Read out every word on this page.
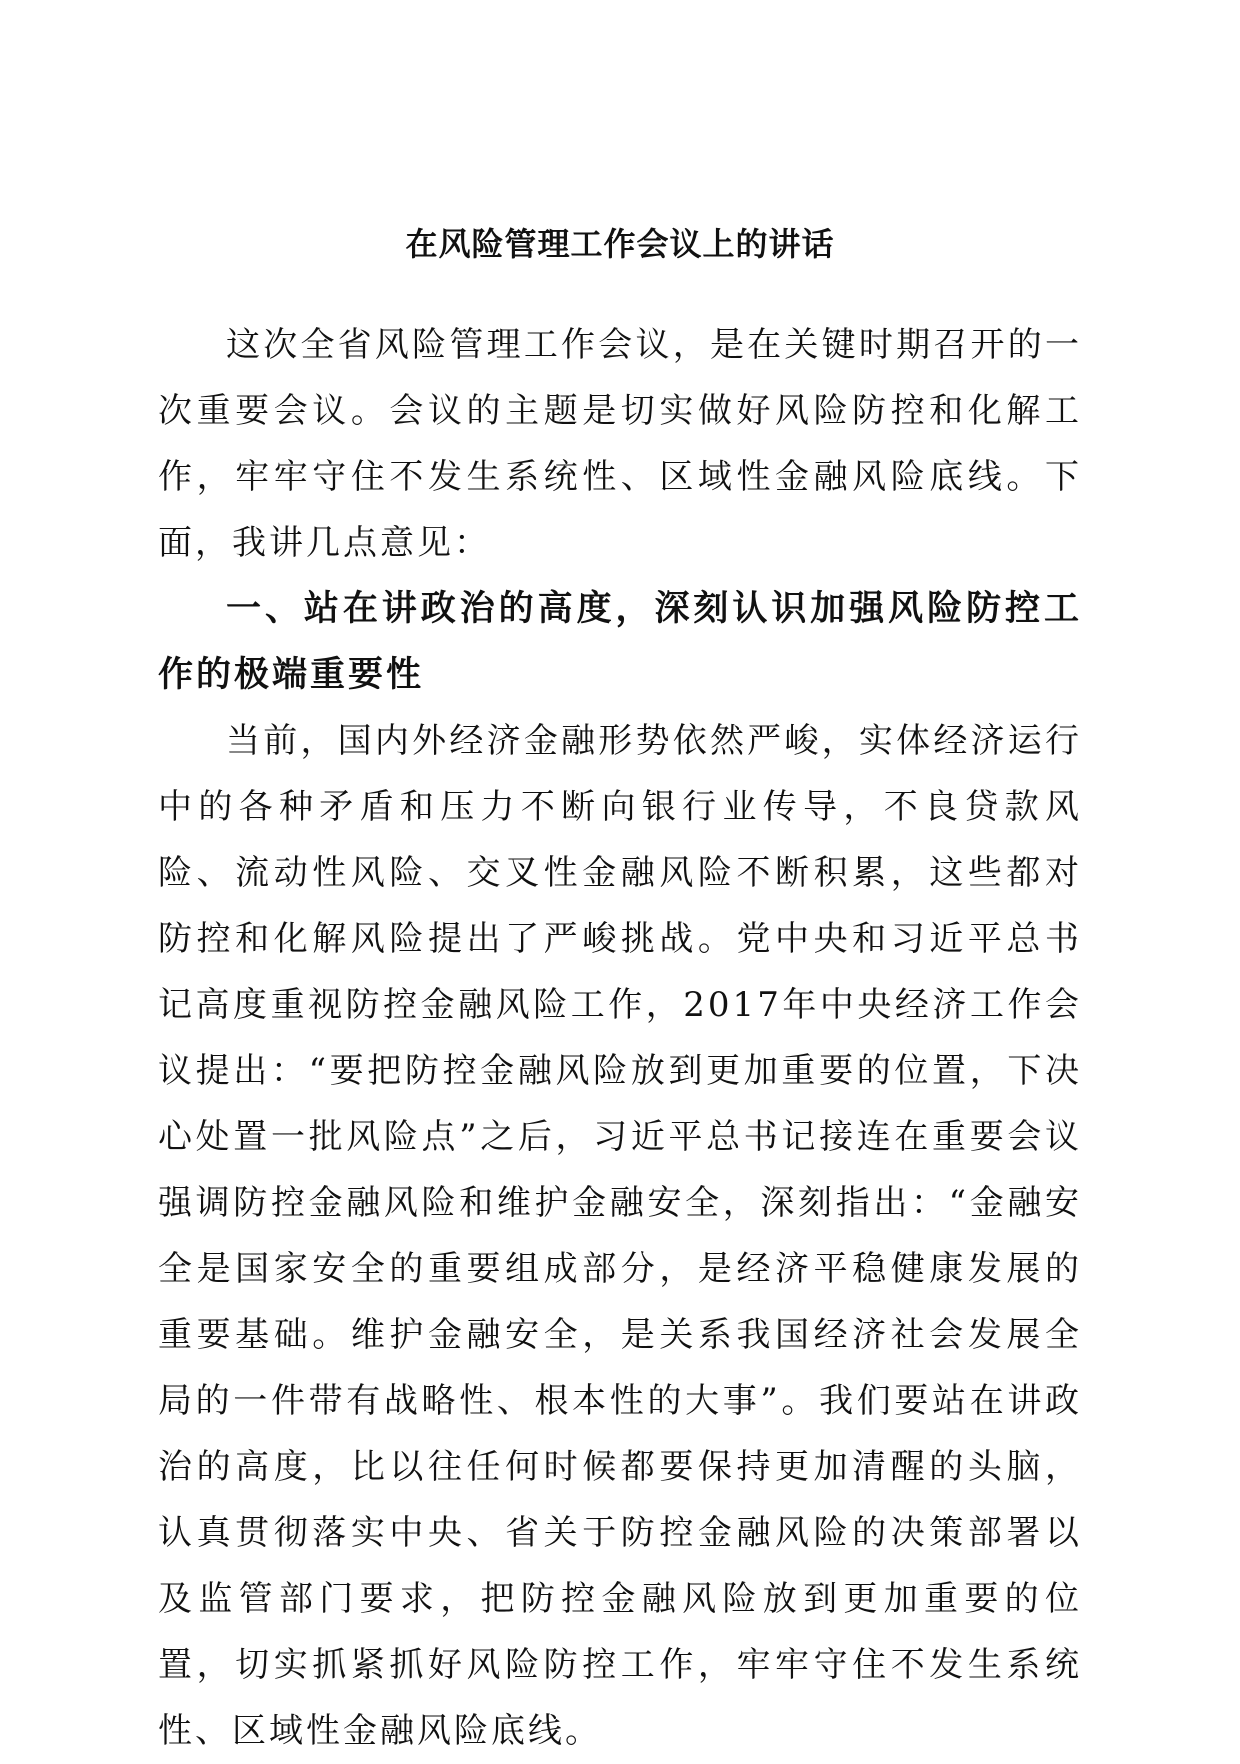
在风险管理工作会议上的讲话

这次全省风险管理工作会议，是在关键时期召开的一次重要会议。会议的主题是切实做好风险防控和化解工作，牢牢守住不发生系统性、区域性金融风险底线。下面，我讲几点意见：

一、站在讲政治的高度，深刻认识加强风险防控工作的极端重要性

当前，国内外经济金融形势依然严峻，实体经济运行中的各种矛盾和压力不断向银行业传导，不良贷款风险、流动性风险、交叉性金融风险不断积累，这些都对防控和化解风险提出了严峻挑战。党中央和习近平总书记高度重视防控金融风险工作，2017年中央经济工作会议提出：“要把防控金融风险放到更加重要的位置，下决心处置一批风险点”之后，习近平总书记接连在重要会议强调防控金融风险和维护金融安全，深刻指出：“金融安全是国家安全的重要组成部分，是经济平稳健康发展的重要基础。维护金融安全，是关系我国经济社会发展全局的一件带有战略性、根本性的大事”。我们要站在讲政治的高度，比以往任何时候都要保持更加清醒的头脑，认真贯彻落实中央、省关于防控金融风险的决策部署以及监管部门要求，把防控金融风险放到更加重要的位置，切实抓紧抓好风险防控工作，牢牢守住不发生系统性、区域性金融风险底线。
